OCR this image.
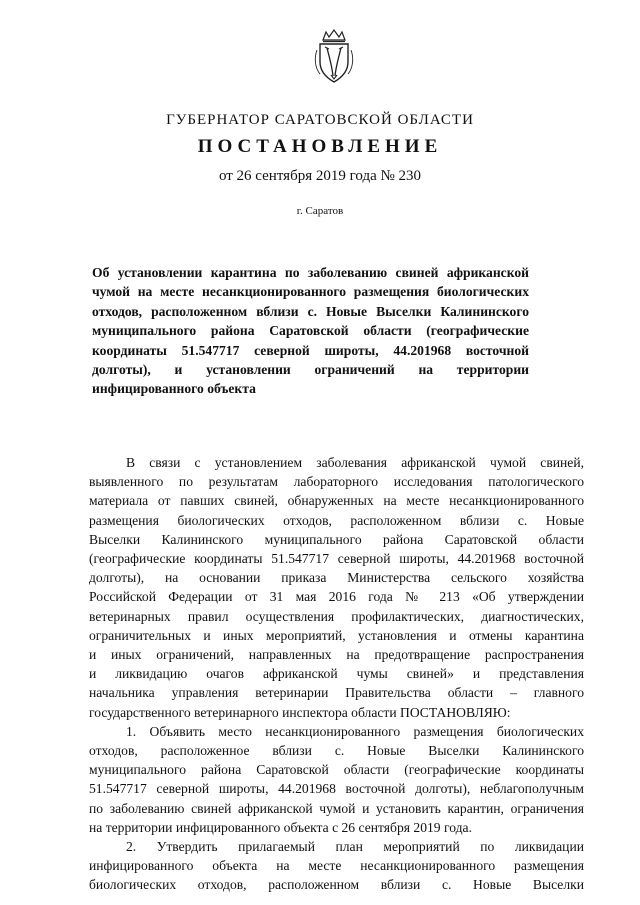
ГУБЕРНАТОР САРАТОВСКОЙ ОБЛАСТИ
ПОСТАНОВЛЕНИЕ
от 26 сентября 2019 года № 230
г. Саратов
Об установлении карантина по заболеванию свиней африканской
чумой на месте несанкционированного размещения биологических
отходов, расположенном вблизи с. Новые Выселки Калининского
муниципального района Саратовской области (географические
координаты 51.547717 северной широты, 44.201968 восточной
долготы), и установлении ограничений на территории
инфицированного объекта
В связи с установлением заболевания африканской чумой свиней,
выявленного по результатам лабораторного исследования патологического
материала от павших свиней, обнаруженных на месте несанкционированного
размещения биологических отходов, расположенном вблизи с. Новые
Выселки Калининского муниципального района Саратовской области
(географические координаты 51.547717 северной широты, 44.201968 восточной
долготы), на основании приказа Министерства сельского хозяйства
Российской Федерации от 31 мая 2016 года № 213 «Об утверждении
ветеринарных правил осуществления профилактических, диагностических,
ограничительных и иных мероприятий, установления и отмены карантина
и иных ограничений, направленных на предотвращение распространения
и ликвидацию очагов африканской чумы свиней» и представления
начальника управления ветеринарии Правительства области – главного
государственного ветеринарного инспектора области ПОСТАНОВЛЯЮ:
1. Объявить место несанкционированного размещения биологических
отходов, расположенное вблизи с. Новые Выселки Калининского
муниципального района Саратовской области (географические координаты
51.547717 северной широты, 44.201968 восточной долготы), неблагополучным
по заболеванию свиней африканской чумой и установить карантин, ограничения
на территории инфицированного объекта с 26 сентября 2019 года.
2. Утвердить прилагаемый план мероприятий по ликвидации
инфицированного объекта на месте несанкционированного размещения
биологических отходов, расположенном вблизи с. Новые Выселки
